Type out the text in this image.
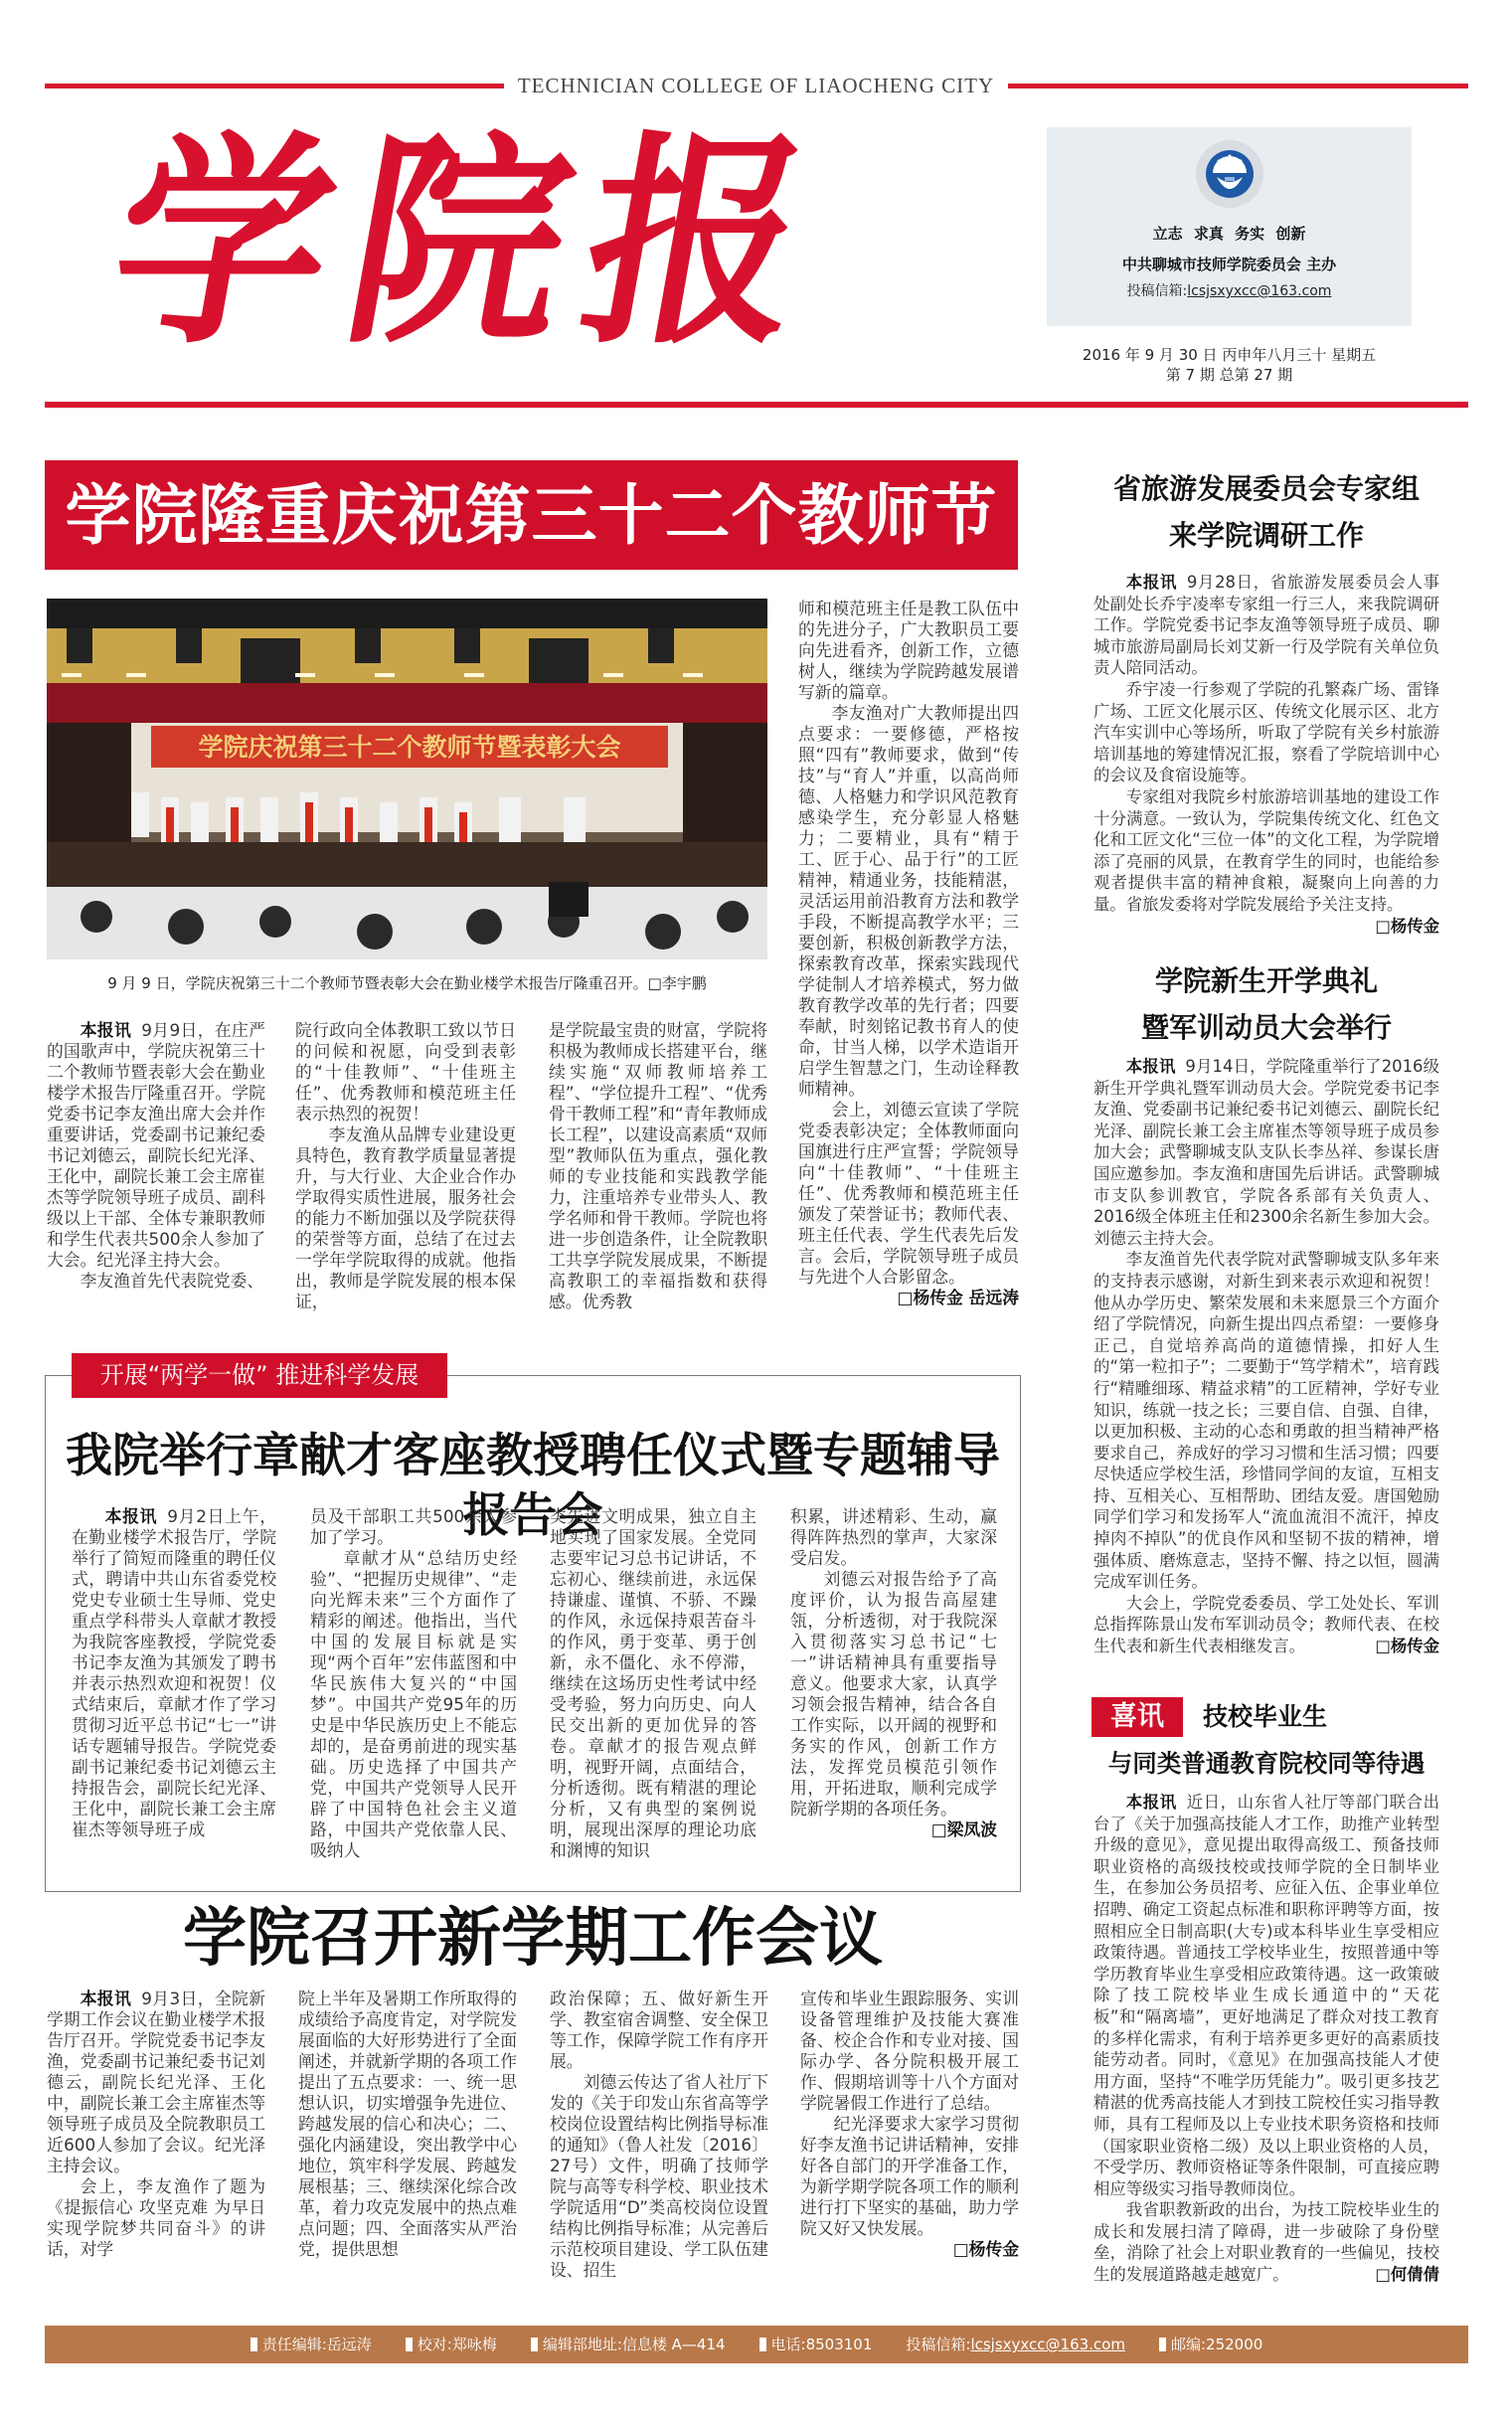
TECHNICIAN COLLEGE OF LIAOCHENG CITY
学院报	立志 求真 务实 创新
中共聊城市技师学院委员会 主办
投稿信箱:lcsjsxyxcc@163.com
2016 年 9 月 30 日 丙申年八月三十 星期五
第 7 期 总第 27 期
学院隆重庆祝第三十二个教师节
学院庆祝第三十二个教师节暨表彰大会
9 月 9 日，学院庆祝第三十二个教师节暨表彰大会在勤业楼学术报告厅隆重召开。□李宇鹏

本报讯 9月9日，在庄严的国歌声中，学院庆祝第三十二个教师节暨表彰大会在勤业楼学术报告厅隆重召开。学院党委书记李友渔出席大会并作重要讲话，党委副书记兼纪委书记刘德云，副院长纪光泽、王化中，副院长兼工会主席崔杰等学院领导班子成员、副科级以上干部、全体专兼职教师和学生代表共500余人参加了大会。纪光泽主持大会。

李友渔首先代表院党委、

院行政向全体教职工致以节日的问候和祝愿，向受到表彰的“十佳教师”、“十佳班主任”、优秀教师和模范班主任表示热烈的祝贺！

李友渔从品牌专业建设更具特色，教育教学质量显著提升，与大行业、大企业合作办学取得实质性进展，服务社会的能力不断加强以及学院获得的荣誉等方面，总结了在过去一学年学院取得的成就。他指出，教师是学院发展的根本保证，

是学院最宝贵的财富，学院将积极为教师成长搭建平台，继续实施“双师教师培养工程”、“学位提升工程”、“优秀骨干教师工程”和“青年教师成长工程”，以建设高素质“双师型”教师队伍为重点，强化教师的专业技能和实践教学能力，注重培养专业带头人、教学名师和骨干教师。学院也将进一步创造条件，让全院教职工共享学院发展成果，不断提高教职工的幸福指数和获得感。优秀教

师和模范班主任是教工队伍中的先进分子，广大教职员工要向先进看齐，创新工作，立德树人，继续为学院跨越发展谱写新的篇章。

李友渔对广大教师提出四点要求：一要修德，严格按照“四有”教师要求，做到“传技”与“育人”并重，以高尚师德、人格魅力和学识风范教育感染学生，充分彰显人格魅力；二要精业，具有“精于工、匠于心、品于行”的工匠精神，精通业务，技能精湛，灵活运用前沿教育方法和教学手段，不断提高教学水平；三要创新，积极创新教学方法，探索教育改革，探索实践现代学徒制人才培养模式，努力做教育教学改革的先行者；四要奉献，时刻铭记教书育人的使命，甘当人梯，以学术造诣开启学生智慧之门，生动诠释教师精神。

会上，刘德云宣读了学院党委表彰决定；全体教师面向国旗进行庄严宣誓；学院领导向“十佳教师”、“十佳班主任”、优秀教师和模范班主任颁发了荣誉证书；教师代表、班主任代表、学生代表先后发言。会后，学院领导班子成员与先进个人合影留念。
□杨传金 岳远涛

开展“两学一做” 推进科学发展
我院举行章献才客座教授聘任仪式暨专题辅导报告会

本报讯 9月2日上午，在勤业楼学术报告厅，学院举行了简短而隆重的聘任仪式，聘请中共山东省委党校党史专业硕士生导师、党史重点学科带头人章献才教授为我院客座教授，学院党委书记李友渔为其颁发了聘书并表示热烈欢迎和祝贺！仪式结束后，章献才作了学习贯彻习近平总书记“七一”讲话专题辅导报告。学院党委副书记兼纪委书记刘德云主持报告会，副院长纪光泽、王化中，副院长兼工会主席崔杰等领导班子成

员及干部职工共500余人参加了学习。

章献才从“总结历史经验”、“把握历史规律”、“走向光辉未来”三个方面作了精彩的阐述。他指出，当代中国的发展目标就是实现“两个百年”宏伟蓝图和中华民族伟大复兴的“中国梦”。中国共产党95年的历史是中华民族历史上不能忘却的，是奋勇前进的现实基础。历史选择了中国共产党，中国共产党领导人民开辟了中国特色社会主义道路，中国共产党依靠人民、吸纳人

类先进文明成果，独立自主地实现了国家发展。全党同志要牢记习总书记讲话，不忘初心、继续前进，永远保持谦虚、谨慎、不骄、不躁的作风，永远保持艰苦奋斗的作风，勇于变革、勇于创新，永不僵化、永不停滞，继续在这场历史性考试中经受考验，努力向历史、向人民交出新的更加优异的答卷。章献才的报告观点鲜明，视野开阔，点面结合，分析透彻。既有精湛的理论分析，又有典型的案例说明，展现出深厚的理论功底和渊博的知识

积累，讲述精彩、生动，赢得阵阵热烈的掌声，大家深受启发。

刘德云对报告给予了高度评价，认为报告高屋建瓴，分析透彻，对于我院深入贯彻落实习总书记“七一”讲话精神具有重要指导意义。他要求大家，认真学习领会报告精神，结合各自工作实际，以开阔的视野和务实的作风，创新工作方法，发挥党员模范引领作用，开拓进取，顺利完成学院新学期的各项任务。

□梁凤波

学院召开新学期工作会议

本报讯 9月3日，全院新学期工作会议在勤业楼学术报告厅召开。学院党委书记李友渔，党委副书记兼纪委书记刘德云，副院长纪光泽、王化中，副院长兼工会主席崔杰等领导班子成员及全院教职员工近600人参加了会议。纪光泽主持会议。

会上，李友渔作了题为《提振信心 攻坚克难 为早日实现学院梦共同奋斗》的讲话，对学

院上半年及暑期工作所取得的成绩给予高度肯定，对学院发展面临的大好形势进行了全面阐述，并就新学期的各项工作提出了五点要求：一、统一思想认识，切实增强争先进位、跨越发展的信心和决心；二、强化内涵建设，突出教学中心地位，筑牢科学发展、跨越发展根基；三、继续深化综合改革，着力攻克发展中的热点难点问题；四、全面落实从严治党，提供思想

政治保障；五、做好新生开学、教室宿舍调整、安全保卫等工作，保障学院工作有序开展。

刘德云传达了省人社厅下发的《关于印发山东省高等学校岗位设置结构比例指导标准的通知》（鲁人社发〔2016〕27号）文件，明确了技师学院与高等专科学校、职业技术学院适用“D”类高校岗位设置结构比例指导标准；从完善后示范校项目建设、学工队伍建设、招生

宣传和毕业生跟踪服务、实训设备管理维护及技能大赛准备、校企合作和专业对接、国际办学、各分院积极开展工作、假期培训等十八个方面对学院暑假工作进行了总结。

纪光泽要求大家学习贯彻好李友渔书记讲话精神，安排好各自部门的开学准备工作，为新学期学院各项工作的顺利进行打下坚实的基础，助力学院又好又快发展。
□杨传金

省旅游发展委员会专家组
来学院调研工作

本报讯 9月28日，省旅游发展委员会人事处副处长乔宇凌率专家组一行三人，来我院调研工作。学院党委书记李友渔等领导班子成员、聊城市旅游局副局长刘艾新一行及学院有关单位负责人陪同活动。

乔宇凌一行参观了学院的孔繁森广场、雷锋广场、工匠文化展示区、传统文化展示区、北方汽车实训中心等场所，听取了学院有关乡村旅游培训基地的筹建情况汇报，察看了学院培训中心的会议及食宿设施等。

专家组对我院乡村旅游培训基地的建设工作十分满意。一致认为，学院集传统文化、红色文化和工匠文化“三位一体”的文化工程，为学院增添了亮丽的风景，在教育学生的同时，也能给参观者提供丰富的精神食粮，凝聚向上向善的力量。省旅发委将对学院发展给予关注支持。
□杨传金

学院新生开学典礼
暨军训动员大会举行

本报讯 9月14日，学院隆重举行了2016级新生开学典礼暨军训动员大会。学院党委书记李友渔、党委副书记兼纪委书记刘德云、副院长纪光泽、副院长兼工会主席崔杰等领导班子成员参加大会；武警聊城支队支队长李丛祥、参谋长唐国应邀参加。李友渔和唐国先后讲话。武警聊城市支队参训教官，学院各系部有关负责人、2016级全体班主任和2300余名新生参加大会。刘德云主持大会。

李友渔首先代表学院对武警聊城支队多年来的支持表示感谢，对新生到来表示欢迎和祝贺！他从办学历史、繁荣发展和未来愿景三个方面介绍了学院情况，向新生提出四点希望：一要修身正己，自觉培养高尚的道德情操，扣好人生的“第一粒扣子”；二要勤于“笃学精术”，培育践行“精雕细琢、精益求精”的工匠精神，学好专业知识，练就一技之长；三要自信、自强、自律，以更加积极、主动的心态和勇敢的担当精神严格要求自己，养成好的学习习惯和生活习惯；四要尽快适应学校生活，珍惜同学间的友谊，互相支持、互相关心、互相帮助、团结友爱。唐国勉励同学们学习和发扬军人“流血流泪不流汗，掉皮掉肉不掉队”的优良作风和坚韧不拔的精神，增强体质、磨炼意志，坚持不懈、持之以恒，圆满完成军训任务。

大会上，学院党委委员、学工处处长、军训总指挥陈景山发布军训动员令；教师代表、在校生代表和新生代表相继发言。	□杨传金

喜讯	技校毕业生
与同类普通教育院校同等待遇

本报讯 近日，山东省人社厅等部门联合出台了《关于加强高技能人才工作，助推产业转型升级的意见》，意见提出取得高级工、预备技师职业资格的高级技校或技师学院的全日制毕业生，在参加公务员招考、应征入伍、企事业单位招聘、确定工资起点标准和职称评聘等方面，按照相应全日制高职(大专)或本科毕业生享受相应政策待遇。普通技工学校毕业生，按照普通中等学历教育毕业生享受相应政策待遇。这一政策破除了技工院校毕业生成长通道中的“天花板”和“隔离墙”，更好地满足了群众对技工教育的多样化需求，有利于培养更多更好的高素质技能劳动者。同时，《意见》在加强高技能人才使用方面，坚持“不唯学历凭能力”。吸引更多技艺精湛的优秀高技能人才到技工院校任实习指导教师，具有工程师及以上专业技术职务资格和技师（国家职业资格二级）及以上职业资格的人员，不受学历、教师资格证等条件限制，可直接应聘相应等级实习指导教师岗位。

我省职教新政的出台，为技工院校毕业生的成长和发展扫清了障碍，进一步破除了身份壁垒，消除了社会上对职业教育的一些偏见，技校生的发展道路越走越宽广。	□何倩倩

责任编辑:岳远涛	校对:郑咏梅	编辑部地址:信息楼 A—414	电话:8503101 投稿信箱:lcsjsxyxcc@163.com	邮编:252000
